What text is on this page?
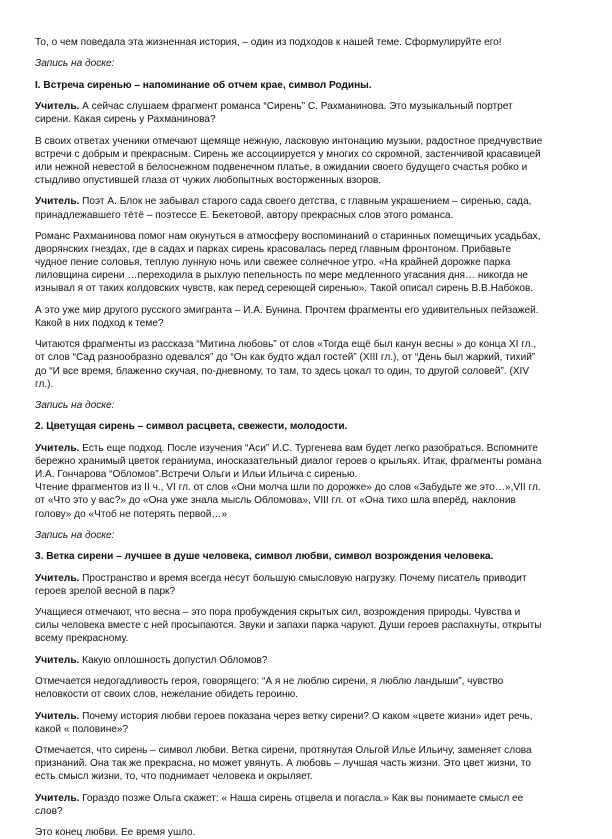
То, о чем поведала эта жизненная история, – один из подходов к нашей теме. Сформулируйте его!

Запись на доске:

I. Встреча сиренью – напоминание об отчем крае, символ Родины.

Учитель. А сейчас слушаем фрагмент романса “Сирень” С. Рахманинова. Это музыкальный портрет сирени. Какая сирень у Рахманинова?

В своих ответах ученики отмечают щемяще нежную, ласковую интонацию музыки, радостное предчувствие встречи с добрым и прекрасным. Сирень же ассоциируется у многих со скромной, застенчивой красавицей или нежной невестой в белоснежном подвенечном платье, в ожидании своего будущего счастья робко и стыдливо опустившей глаза от чужих любопытных восторженных взоров.

Учитель. Поэт А. Блок не забывал старого сада своего детства, с главным украшением – сиренью, сада, принадлежавшего тётё – поэтессе Е. Бекетовой, автору прекрасных слов этого романса.

Романс Рахманинова помог нам окунуться в атмосферу воспоминаний о старинных помещичьих усадьбах, дворянских гнездах, где в садах и парках сирень красовалась перед главным фронтоном. Прибавьте чудное пение соловья, теплую лунную ночь или свежее солнечное утро. «На крайней дорожке парка лиловщина сирени …переходила в рыхлую пепельность по мере медленного угасания дня… никогда не изнывал я от таких колдовских чувств, как перед сереющей сиренью». Такой описал сирень В.В.Набоков.

А это уже мир другого русского эмигранта – И.А. Бунина. Прочтем фрагменты его удивительных пейзажей. Какой в них подход к теме?

Читаются фрагменты из рассказа “Митина любовь” от слов «Тогда ещё был канун весны » до конца XI гл., от слов “Сад разнообразно одевался” до “Он как будто ждал гостей” (XIII гл.), от “День был жаркий, тихий” до “И все время, блаженно скучая, по-дневному, то там, то здесь цокал то один, то другой соловей”. (XIV гл.).

Запись на доске:

2. Цветущая сирень – символ расцвета, свежести, молодости.

Учитель. Есть еще подход. После изучения “Аси” И.С. Тургенева вам будет легко разобраться. Вспомните бережно хранимый цветок гераниума, иносказательный диалог героев о крыльях. Итак, фрагменты романа И.А. Гончарова “Обломов”.Встречи Ольги и Ильи Ильича с сиренью.

Чтение фрагментов из II ч., VI гл. от слов «Они молча шли по дорожке» до слов «Забудьте же это…»,VII гл. от «Что это у вас?» до «Она уже знала мысль Обломова», VIII гл. от «Она тихо шла вперёд, наклонив голову» до «Чтоб не потерять первой…»

Запись на доске:

3. Ветка сирени – лучшее в душе человека, символ любви, символ возрождения человека.

Учитель. Пространство и время всегда несут большую смысловую нагрузку. Почему писатель приводит героев зрелой весной в парк?

Учащиеся отмечают, что весна – это пора пробуждения скрытых сил, возрождения природы. Чувства и силы человека вместе с ней просыпаются. Звуки и запахи парка чаруют. Души героев распахнуты, открыты всему прекрасному.

Учитель. Какую оплошность допустил Обломов?

Отмечается недогадливость героя, говорящего: “А я не люблю сирени, я люблю ландыши”, чувство неловкости от своих слов, нежелание обидеть героиню.

Учитель. Почему история любви героев показана через ветку сирени? О каком «цвете жизни» идет речь, какой « половине»?

Отмечается, что сирень – символ любви. Ветка сирени, протянутая Ольгой Илье Ильичу, заменяет слова признаний. Она так же прекрасна, но может увянуть. А любовь – лучшая часть жизни. Это цвет жизни, то есть смысл жизни, то, что поднимает человека и окрыляет.

Учитель. Гораздо позже Ольга скажет: « Наша сирень отцвела и погасла.» Как вы понимаете смысл ее слов?

Это конец любви. Ее время ушло.
